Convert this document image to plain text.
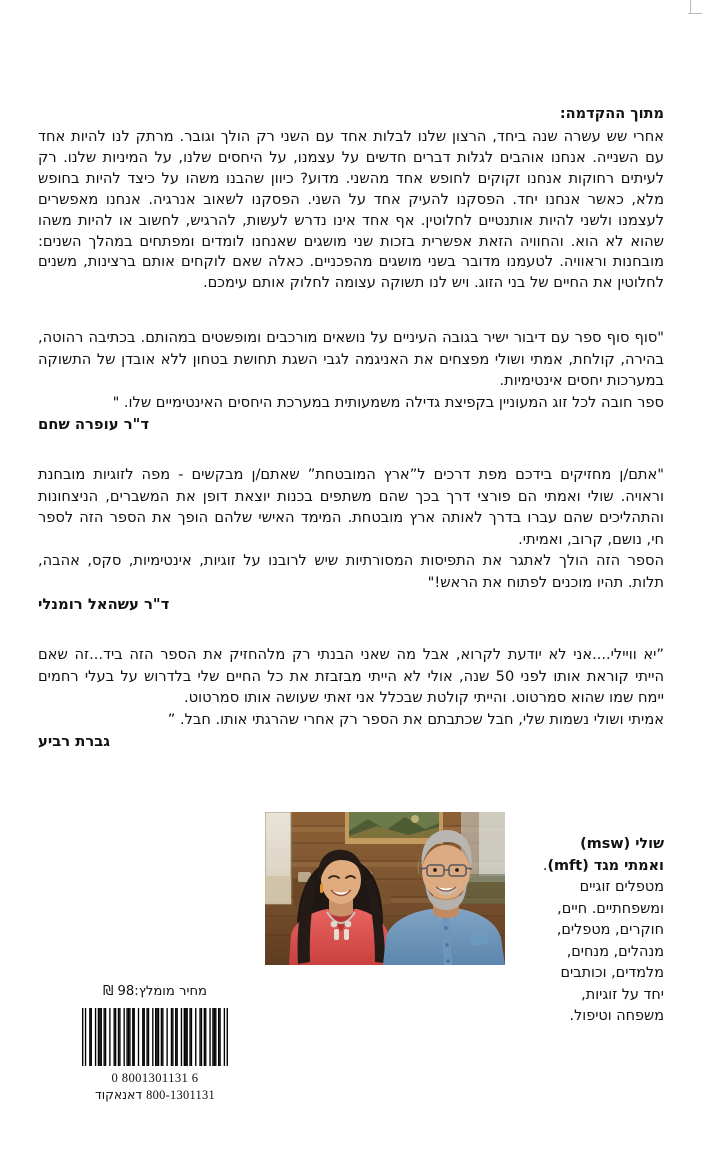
מתוך ההקדמה:

אחרי שש עשרה שנה ביחד, הרצון שלנו לבלות אחד עם השני רק הולך וגובר. מרתק לנו להיות אחד עם השנייה. אנחנו אוהבים לגלות דברים חדשים על עצמנו, על היחסים שלנו, על המיניות שלנו. רק לעיתים רחוקות אנחנו זקוקים לחופש אחד מהשני. מדוע? כיוון שהבנו משהו על כיצד להיות בחופש מלא, כאשר אנחנו יחד. הפסקנו להעיק אחד על השני. הפסקנו לשאוב אנרגיה. אנחנו מאפשרים לעצמנו ולשני להיות אותנטיים לחלוטין. אף אחד אינו נדרש לעשות, להרגיש, לחשוב או להיות משהו שהוא לא הוא. והחוויה הזאת אפשרית בזכות שני מושגים שאנחנו לומדים ומפתחים במהלך השנים: מובחנות וראוויה. לטעמנו מדובר בשני מושגים מהפכניים. כאלה שאם לוקחים אותם ברצינות, משנים לחלוטין את החיים של בני הזוג. ויש לנו תשוקה עצומה לחלוק אותם עימכם.

"סוף סוף ספר עם דיבור ישיר בגובה העיניים על נושאים מורכבים ומופשטים במהותם. בכתיבה רהוטה, בהירה, קולחת, אמתי ושולי מפצחים את האניגמה לגבי השגת תחושת בטחון ללא אובדן של התשוקה במערכות יחסים אינטימיות.

ספר חובה לכל זוג המעוניין בקפיצת גדילה משמעותית במערכת היחסים האינטימיים שלו. "

ד"ר עופרה שחם

"אתם/ן מחזיקים בידכם מפת דרכים ל”ארץ המובטחת” שאתם/ן מבקשים - מפה לזוגיות מובחנת וראויה. שולי ואמתי הם פורצי דרך בכך שהם משתפים בכנות יוצאת דופן את המשברים, הניצחונות והתהליכים שהם עברו בדרך לאותה ארץ מובטחת. המימד האישי שלהם הופך את הספר הזה לספר חי, נושם, קרוב, ואמיתי.

הספר הזה הולך לאתגר את התפיסות המסורתיות שיש לרובנו על זוגיות, אינטימיות, סקס, אהבה, תלות. תהיו מוכנים לפתוח את הראש!"

ד"ר עשהאל רומנלי

”יא וויילי....אני לא יודעת לקרוא, אבל מה שאני הבנתי רק מלהחזיק את הספר הזה ביד...זה שאם הייתי קוראת אותו לפני 50 שנה, אולי לא הייתי מבזבזת את כל החיים שלי בלדרוש על בעלי רחמים יימח שמו שהוא סמרטוט. והייתי קולטת שבכלל אני זאתי שעושה אותו סמרטוט.

אמיתי ושולי נשמות שלי, חבל שכתבתם את הספר רק אחרי שהרגתי אותו. חבל. ”

גברת רביע

שולי (msw) ואמתי מגד (mft). מטפלים זוגיים ומשפחתיים. חיים, חוקרים, מטפלים, מנהלים, מנחים, מלמדים, וכותבים יחד על זוגיות, משפחה וטיפול.
מחיר מומלץ:98 ₪
0 8001301131 6
800-1301131 דאנאקוד
